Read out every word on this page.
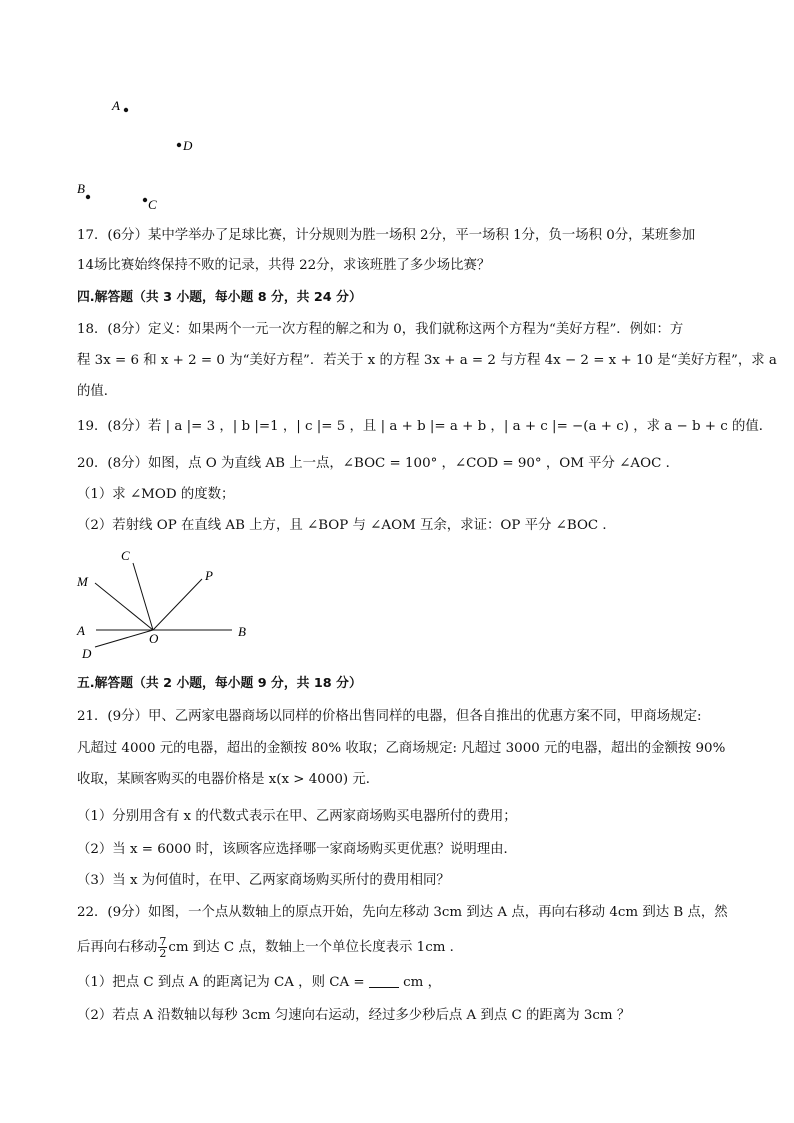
A
D
B
C
17．(6分）某中学举办了足球比赛，计分规则为胜一场积 2分，平一场积 1分，负一场积 0分，某班参加
14场比赛始终保持不败的记录，共得 22分，求该班胜了多少场比赛？
四.解答题（共 3 小题，每小题 8 分，共 24 分）
18．(8分）定义：如果两个一元一次方程的解之和为 0，我们就称这两个方程为“美好方程”．例如：方
程 3x = 6 和 x + 2 = 0 为“美好方程”．若关于 x 的方程 3x + a = 2 与方程 4x − 2 = x + 10 是“美好方程”，求 a
的值．
19．(8分）若 | a |= 3 ，| b |=1 ，| c |= 5 ，且 | a + b |= a + b ，| a + c |= −(a + c) ，求 a − b + c 的值．
20．(8分）如图，点 O 为直线 AB 上一点，∠BOC = 100° ，∠COD = 90° ，OM 平分 ∠AOC ．
（1）求 ∠MOD 的度数；
（2）若射线 OP 在直线 AB 上方，且 ∠BOP 与 ∠AOM 互余，求证：OP 平分 ∠BOC ．
C
M	P
A
O	B
D
五.解答题（共 2 小题，每小题 9 分，共 18 分）
21．(9分）甲、乙两家电器商场以同样的价格出售同样的电器，但各自推出的优惠方案不同，甲商场规定:
凡超过 4000 元的电器，超出的金额按 80% 收取；乙商场规定: 凡超过 3000 元的电器，超出的金额按 90%
收取，某顾客购买的电器价格是 x(x > 4000) 元．
（1）分别用含有 x 的代数式表示在甲、乙两家商场购买电器所付的费用；
（2）当 x = 6000 时，该顾客应选择哪一家商场购买更优惠？说明理由．
（3）当 x 为何值时，在甲、乙两家商场购买所付的费用相同？
22．(9分）如图，一个点从数轴上的原点开始，先向左移动 3cm 到达 A 点，再向右移动 4cm 到达 B 点，然
后再向右移动 $\frac{7}{2}$ cm 到达 C 点，数轴上一个单位长度表示 1cm ．
（1）把点 C 到点 A 的距离记为 CA ，则 CA =  cm ，
（2）若点 A 沿数轴以每秒 3cm 匀速向右运动，经过多少秒后点 A 到点 C 的距离为 3cm ？
